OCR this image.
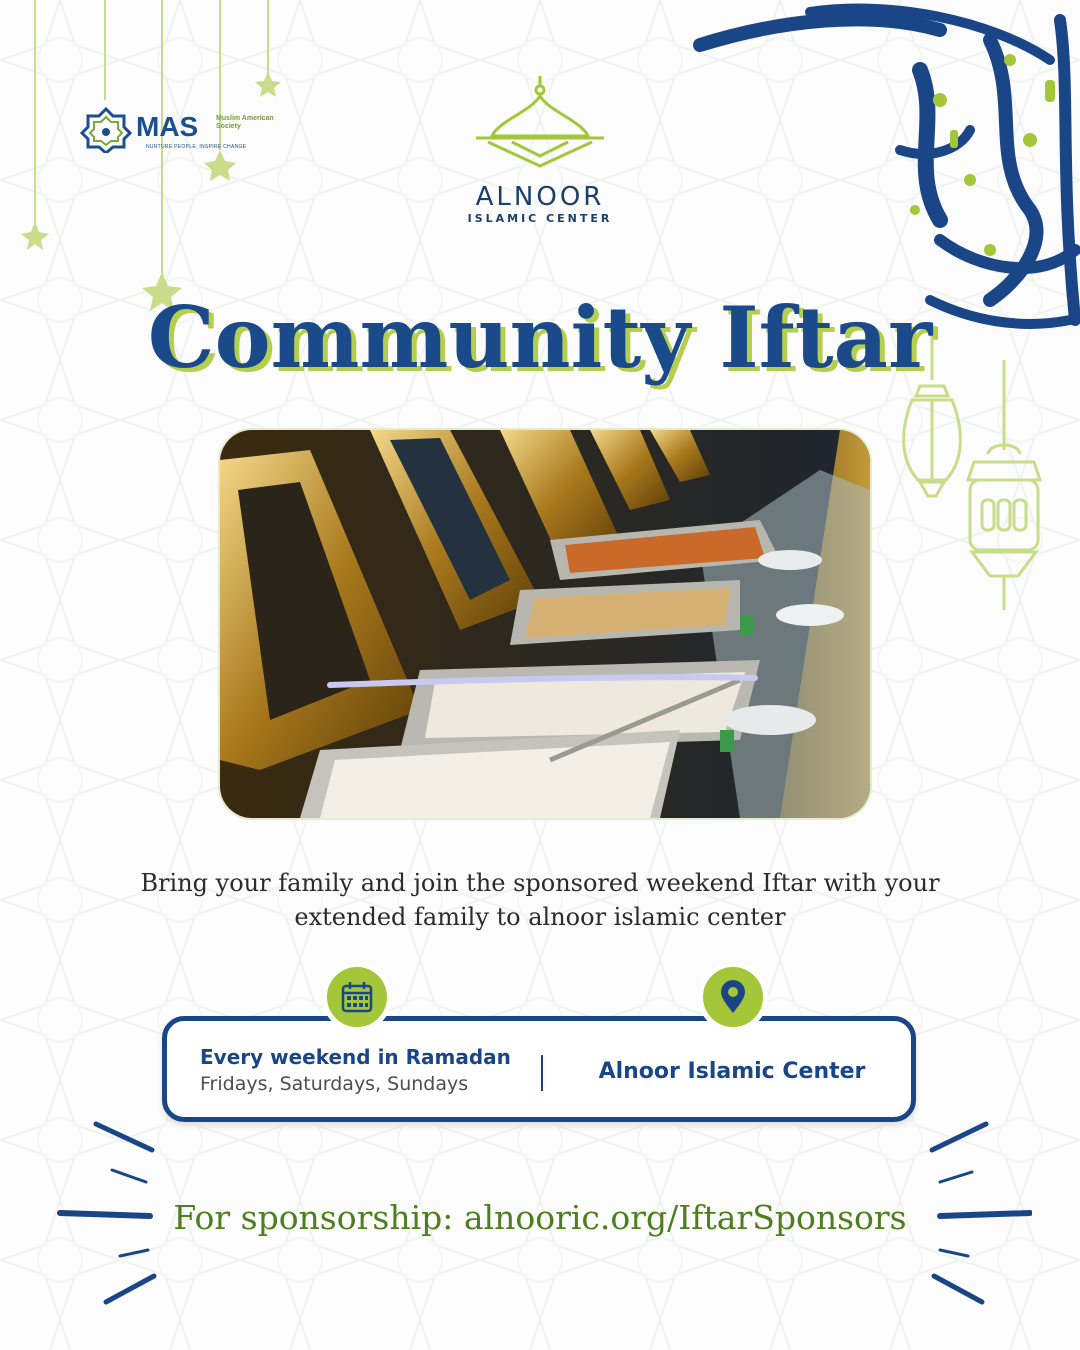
MAS	Muslim American Society
NURTURE PEOPLE. INSPIRE CHANGE
ALNOOR
ISLAMIC CENTER
Community Iftar
Bring your family and join the sponsored weekend Iftar with your extended family to alnoor islamic center
Every weekend in Ramadan
Fridays, Saturdays, Sundays	Alnoor Islamic Center
For sponsorship: alnooric.org/IftarSponsors
